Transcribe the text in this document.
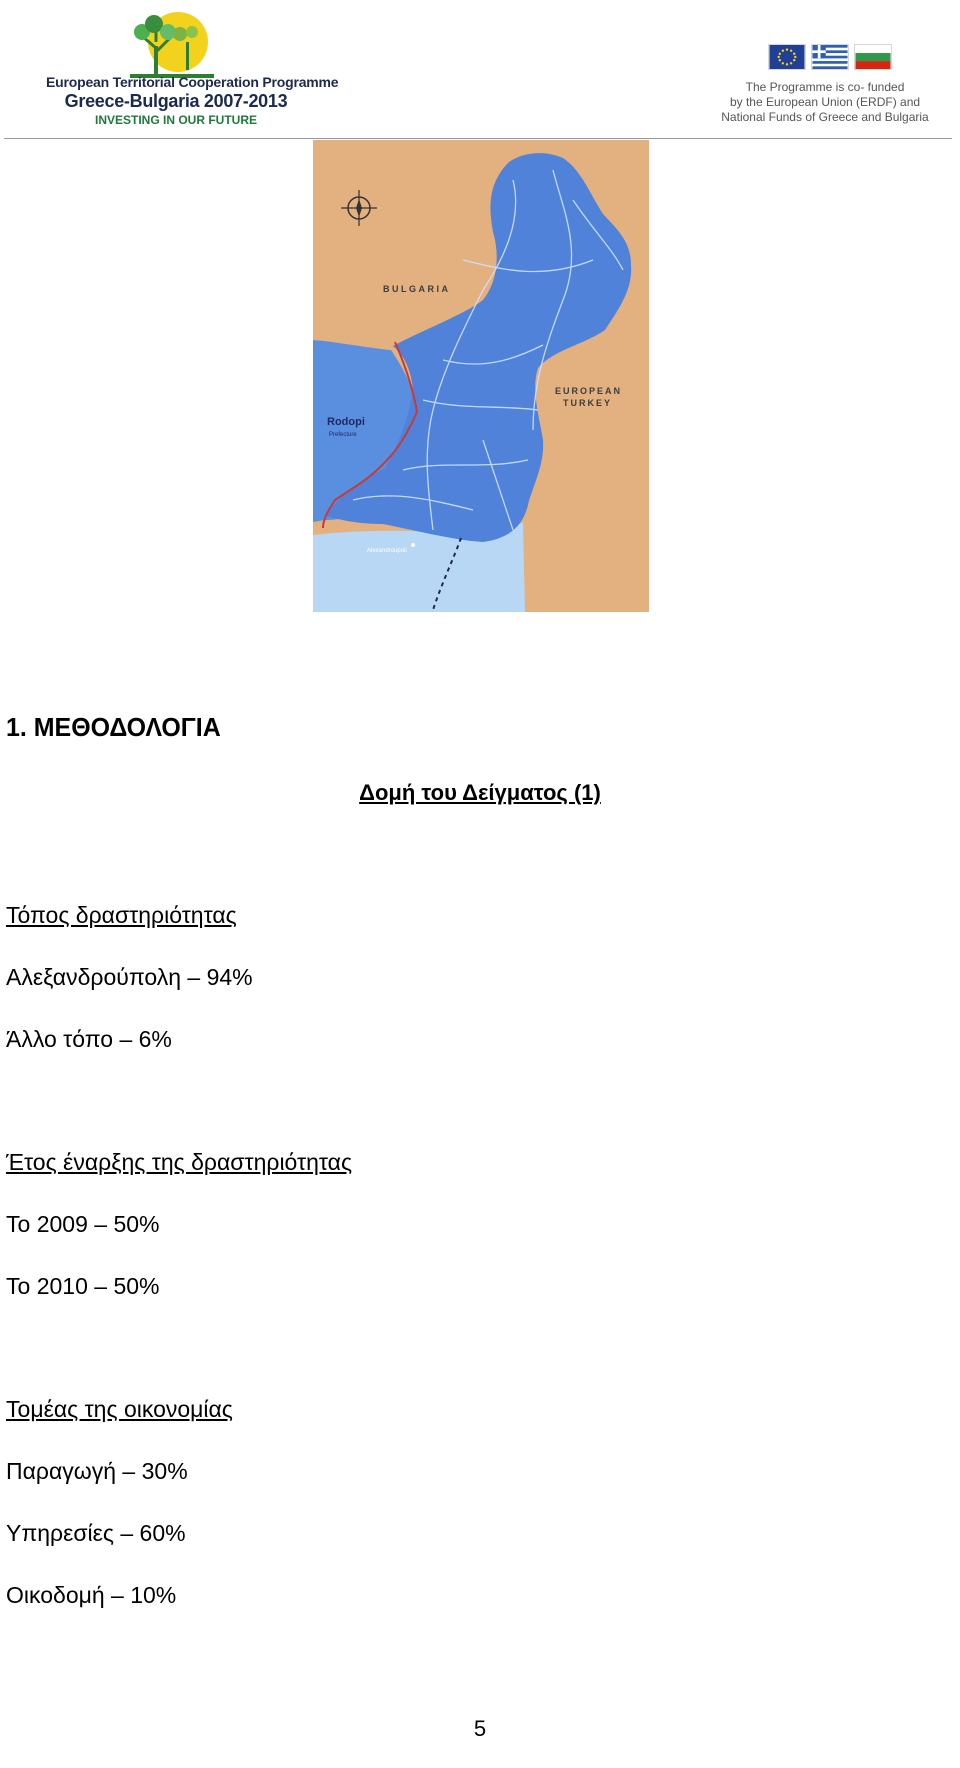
European Territorial Cooperation Programme
Greece-Bulgaria 2007-2013
INVESTING IN OUR FUTURE
The Programme is co- funded
by the European Union (ERDF) and
National Funds of Greece and Bulgaria
BULGARIA
EUROPEAN
TURKEY
Rodopi
Prefecture
Alexandroupoli
1. ΜΕΘΟΔΟΛΟΓΙΑ
Δομή του Δείγματος (1)
Τόπος δραστηριότητας
Αλεξανδρούπολη – 94%
Άλλο τόπο – 6%
Έτος έναρξης της δραστηριότητας
Το 2009 – 50%
Το 2010 – 50%
Τομέας της οικονομίας
Παραγωγή – 30%
Υπηρεσίες – 60%
Οικοδομή – 10%
5
